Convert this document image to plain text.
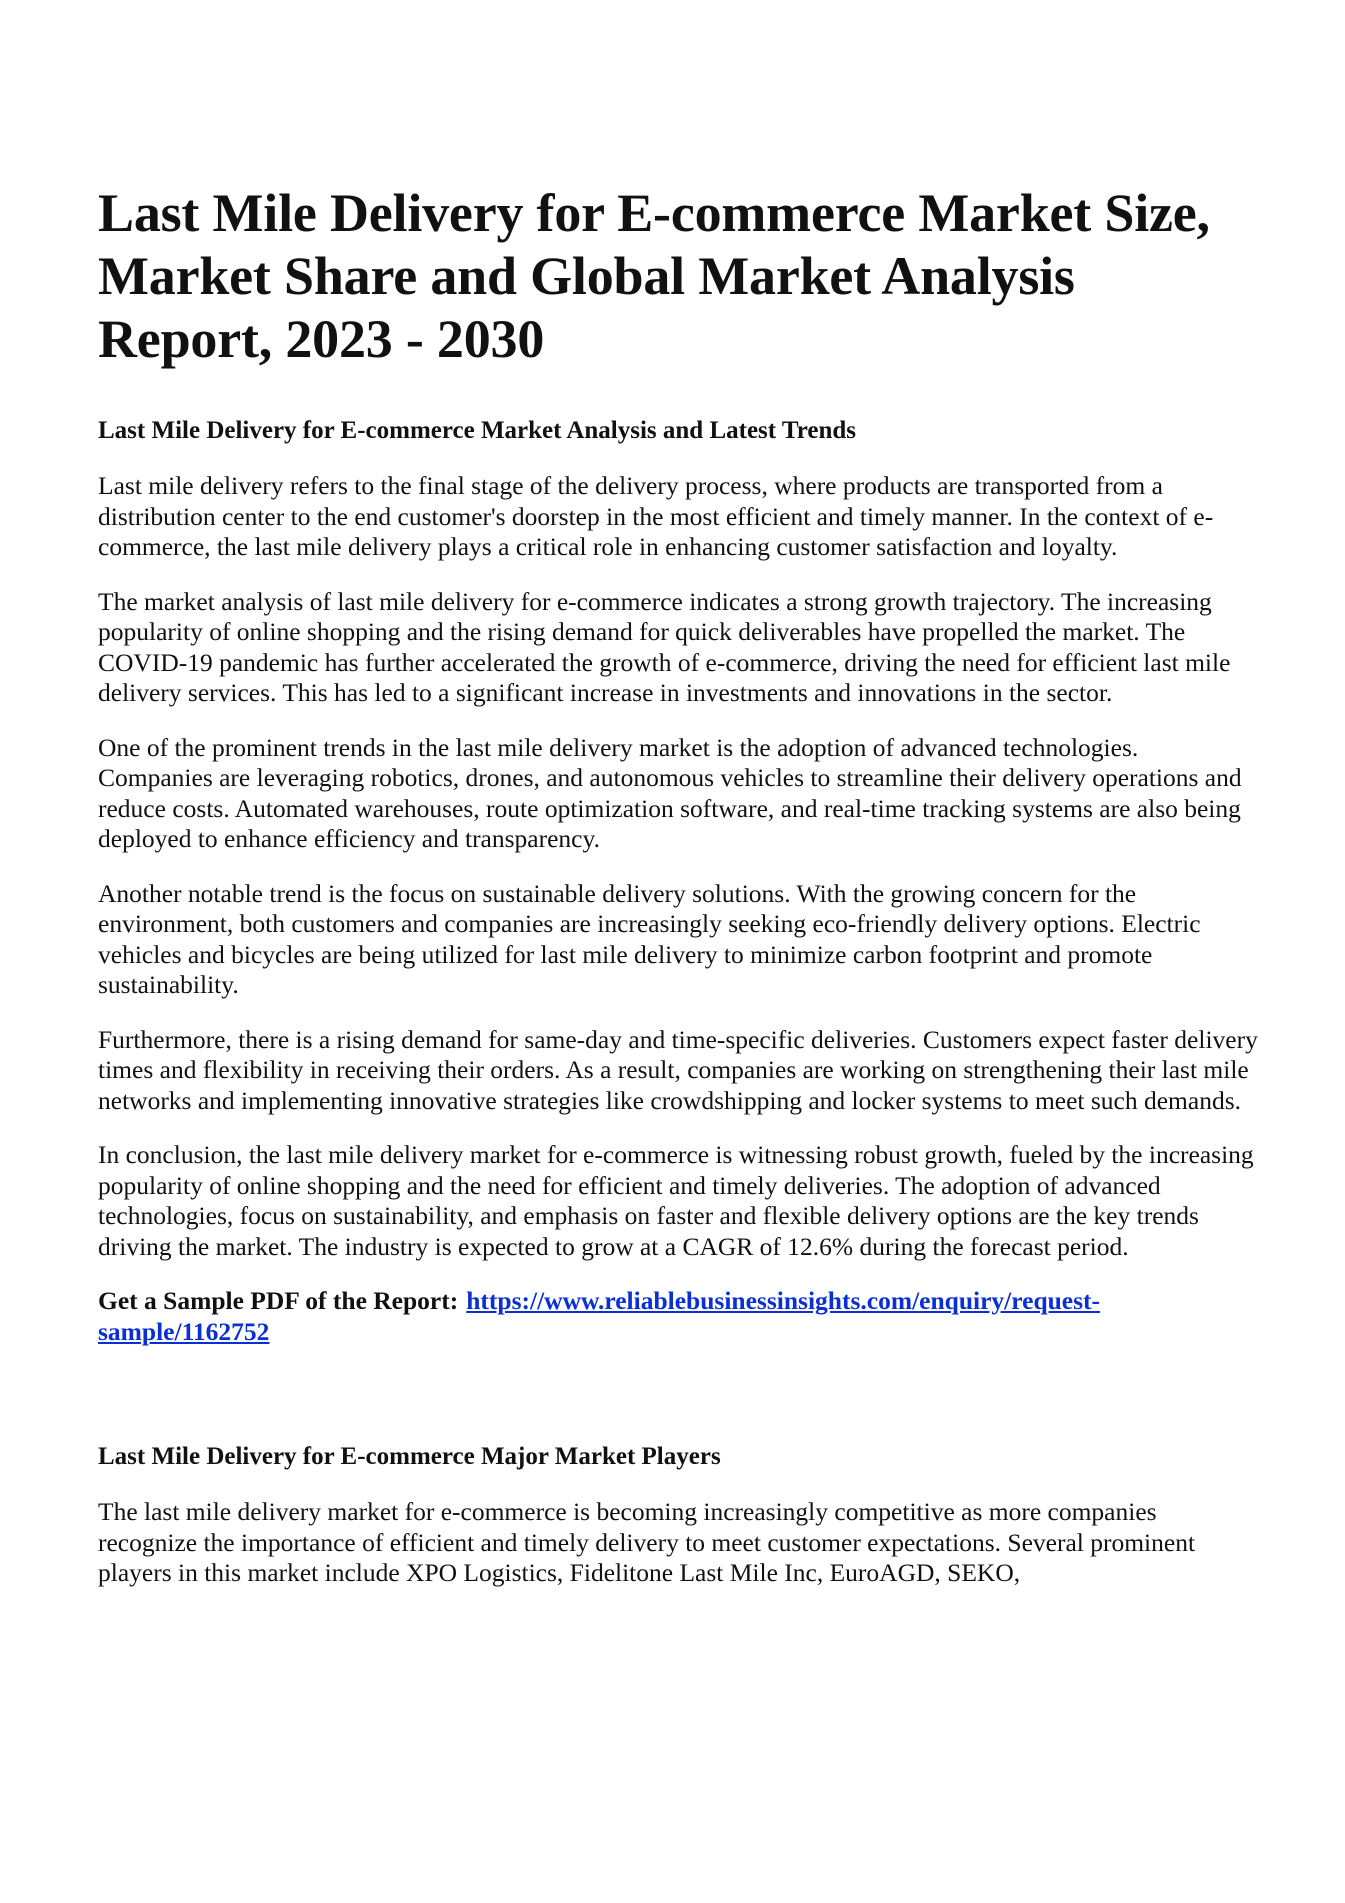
Last Mile Delivery for E-commerce Market Size, Market Share and Global Market Analysis Report, 2023 - 2030
Last Mile Delivery for E-commerce Market Analysis and Latest Trends

Last mile delivery refers to the final stage of the delivery process, where products are transported from a distribution center to the end customer's doorstep in the most efficient and timely manner. In the context of e-commerce, the last mile delivery plays a critical role in enhancing customer satisfaction and loyalty.

The market analysis of last mile delivery for e-commerce indicates a strong growth trajectory. The increasing popularity of online shopping and the rising demand for quick deliverables have propelled the market. The COVID-19 pandemic has further accelerated the growth of e-commerce, driving the need for efficient last mile delivery services. This has led to a significant increase in investments and innovations in the sector.

One of the prominent trends in the last mile delivery market is the adoption of advanced technologies. Companies are leveraging robotics, drones, and autonomous vehicles to streamline their delivery operations and reduce costs. Automated warehouses, route optimization software, and real-time tracking systems are also being deployed to enhance efficiency and transparency.

Another notable trend is the focus on sustainable delivery solutions. With the growing concern for the environment, both customers and companies are increasingly seeking eco-friendly delivery options. Electric vehicles and bicycles are being utilized for last mile delivery to minimize carbon footprint and promote sustainability.

Furthermore, there is a rising demand for same-day and time-specific deliveries. Customers expect faster delivery times and flexibility in receiving their orders. As a result, companies are working on strengthening their last mile networks and implementing innovative strategies like crowdshipping and locker systems to meet such demands.

In conclusion, the last mile delivery market for e-commerce is witnessing robust growth, fueled by the increasing popularity of online shopping and the need for efficient and timely deliveries. The adoption of advanced technologies, focus on sustainability, and emphasis on faster and flexible delivery options are the key trends driving the market. The industry is expected to grow at a CAGR of 12.6% during the forecast period.

Get a Sample PDF of the Report: https://www.reliablebusinessinsights.com/enquiry/request-sample/1162752
Last Mile Delivery for E-commerce Major Market Players

The last mile delivery market for e-commerce is becoming increasingly competitive as more companies recognize the importance of efficient and timely delivery to meet customer expectations. Several prominent players in this market include XPO Logistics, Fidelitone Last Mile Inc, EuroAGD, SEKO,
